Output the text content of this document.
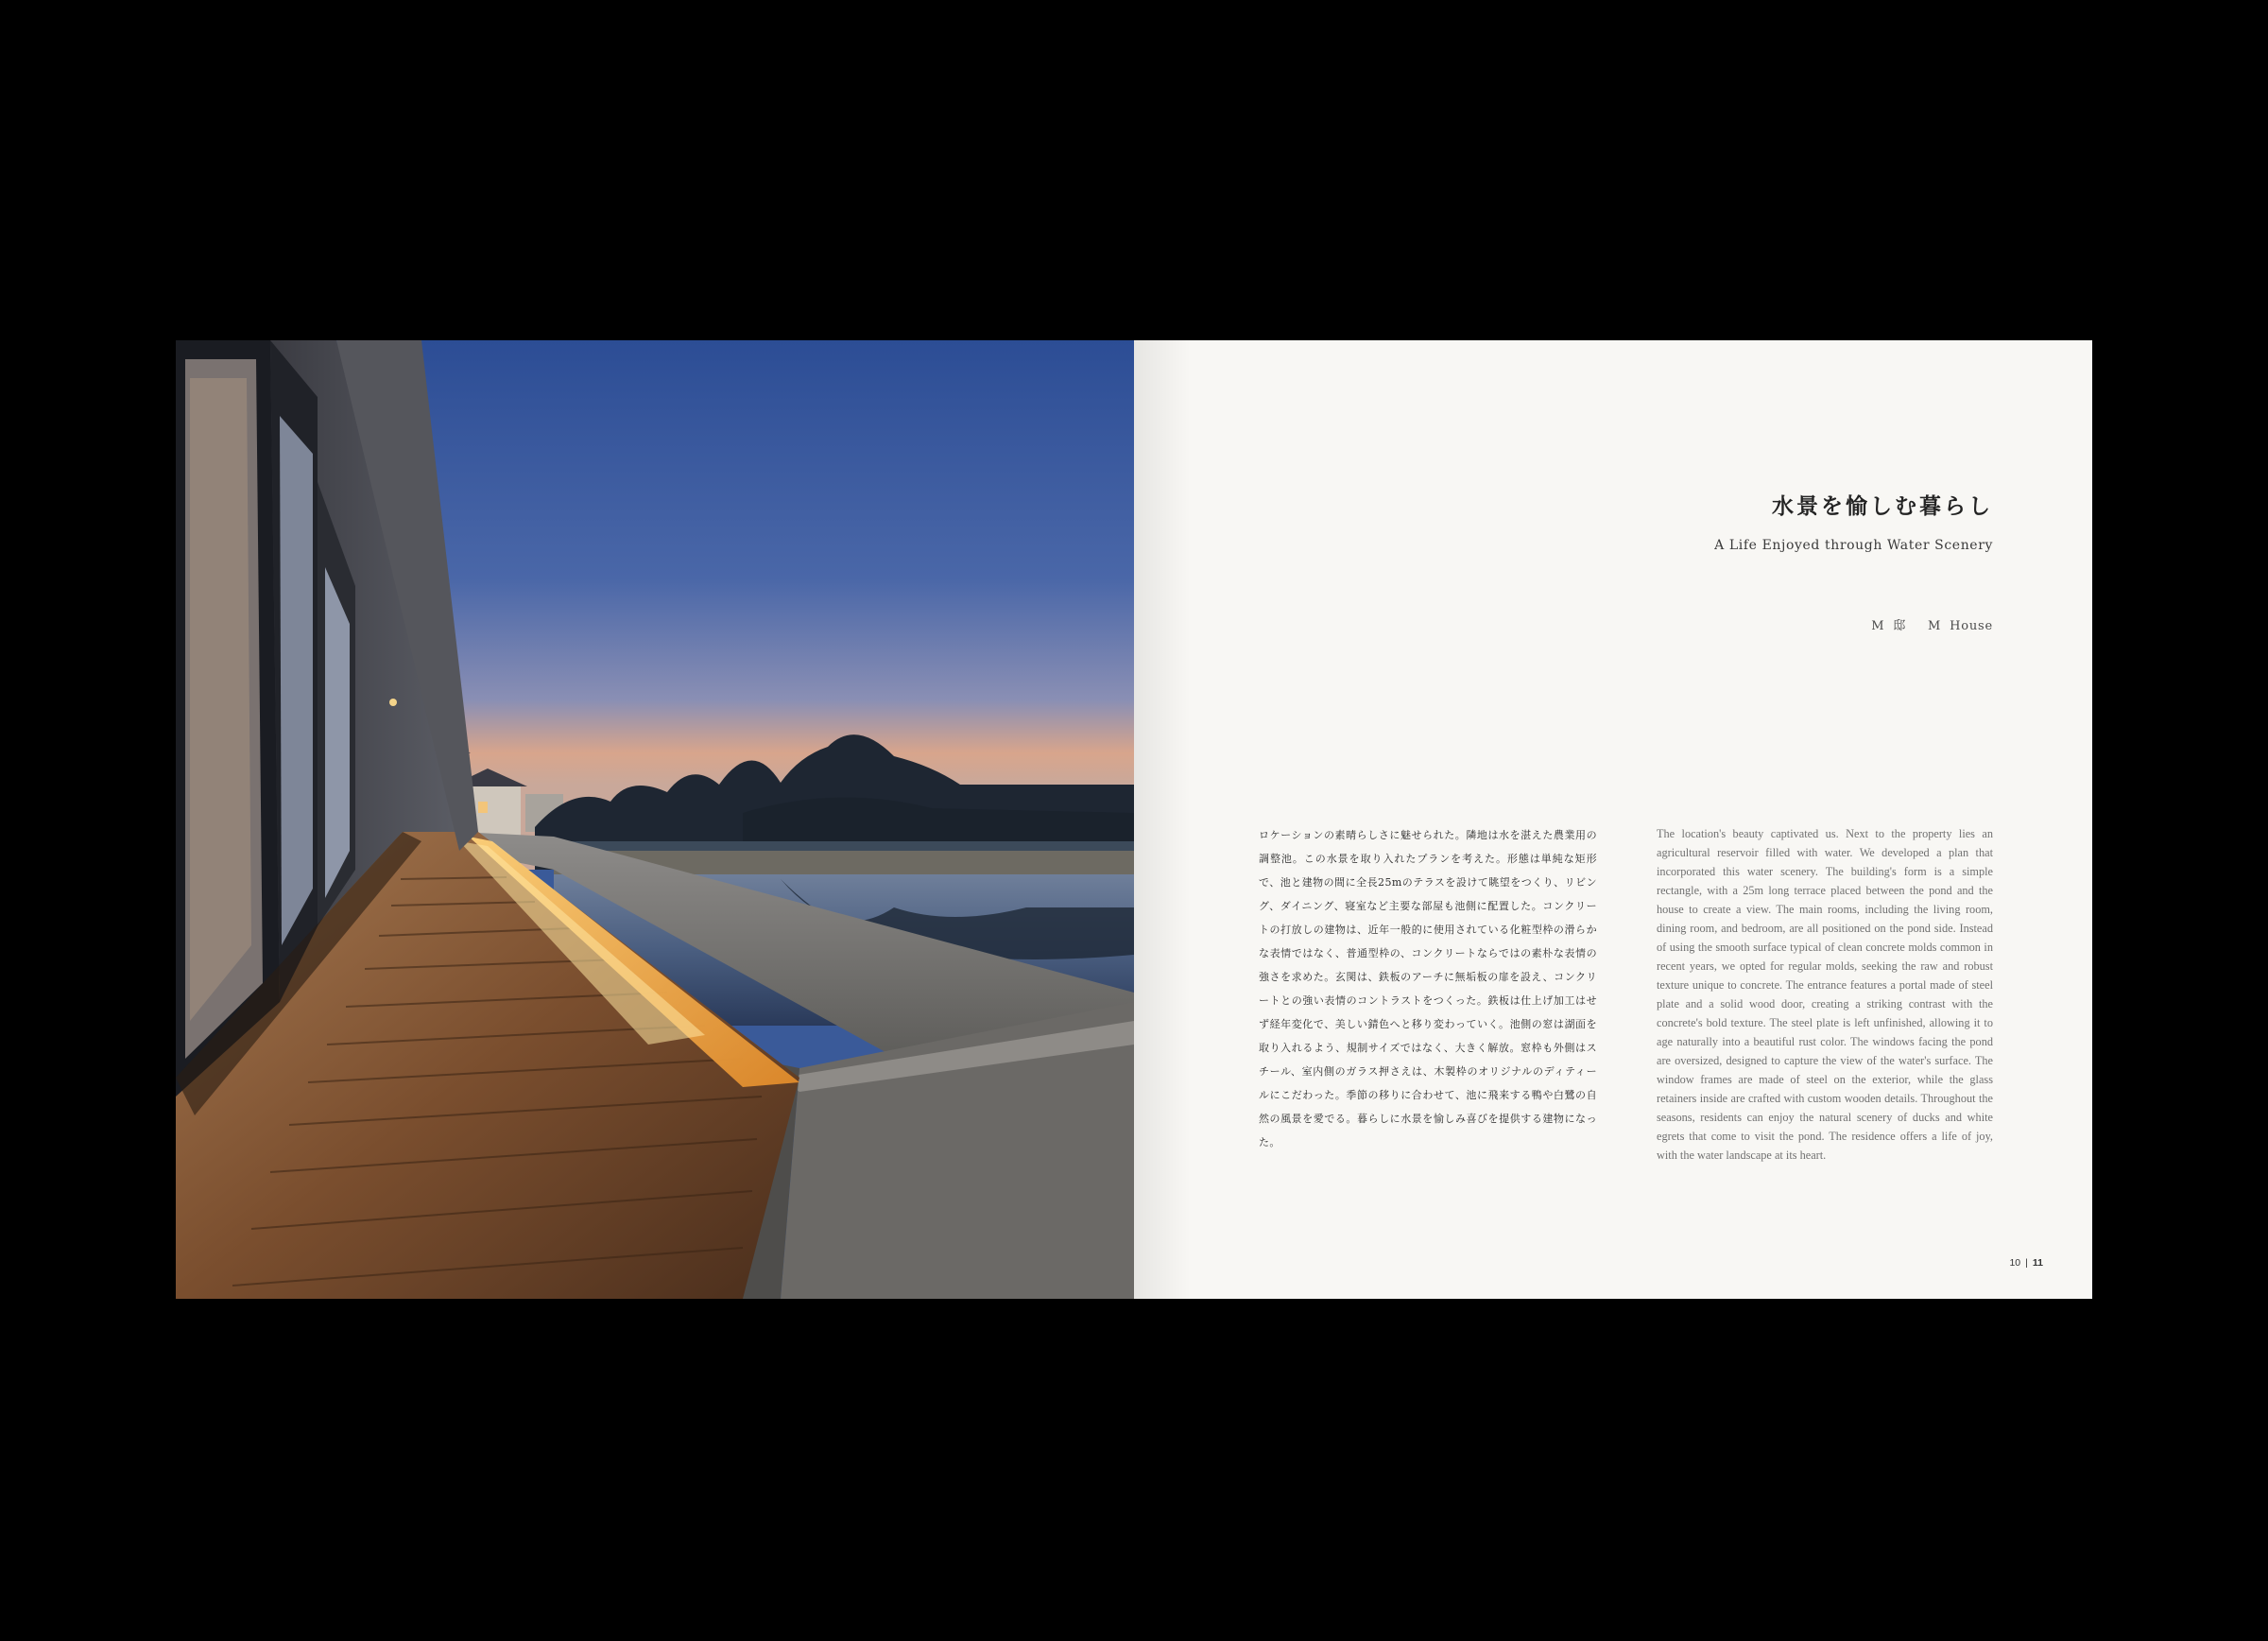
水景を愉しむ暮らし
A Life Enjoyed through Water Scenery
M 邸 M House

ロケーションの素晴らしさに魅せられた。隣地は水を湛えた農業用の調整池。この水景を取り入れたプランを考えた。形態は単純な矩形で、池と建物の間に全長25mのテラスを設けて眺望をつくり、リビング、ダイニング、寝室など主要な部屋も池側に配置した。コンクリートの打放しの建物は、近年一般的に使用されている化粧型枠の滑らかな表情ではなく、普通型枠の、コンクリートならではの素朴な表情の強さを求めた。玄関は、鉄板のアーチに無垢板の扉を設え、コンクリートとの強い表情のコントラストをつくった。鉄板は仕上げ加工はせず経年変化で、美しい錆色へと移り変わっていく。池側の窓は湖面を取り入れるよう、規制サイズではなく、大きく解放。窓枠も外側はスチール、室内側のガラス押さえは、木製枠のオリジナルのディティールにこだわった。季節の移りに合わせて、池に飛来する鴨や白鷺の自然の風景を愛でる。暮らしに水景を愉しみ喜びを提供する建物になった。

The location's beauty captivated us. Next to the property lies an agricultural reservoir filled with water. We developed a plan that incorporated this water scenery. The building's form is a simple rectangle, with a 25m long terrace placed between the pond and the house to create a view. The main rooms, including the living room, dining room, and bedroom, are all positioned on the pond side. Instead of using the smooth surface typical of clean concrete molds common in recent years, we opted for regular molds, seeking the raw and robust texture unique to concrete. The entrance features a portal made of steel plate and a solid wood door, creating a striking contrast with the concrete's bold texture. The steel plate is left unfinished, allowing it to age naturally into a beautiful rust color. The windows facing the pond are oversized, designed to capture the view of the water's surface. The window frames are made of steel on the exterior, while the glass retainers inside are crafted with custom wooden details. Throughout the seasons, residents can enjoy the natural scenery of ducks and white egrets that come to visit the pond. The residence offers a life of joy, with the water landscape at its heart.

10 | 11
